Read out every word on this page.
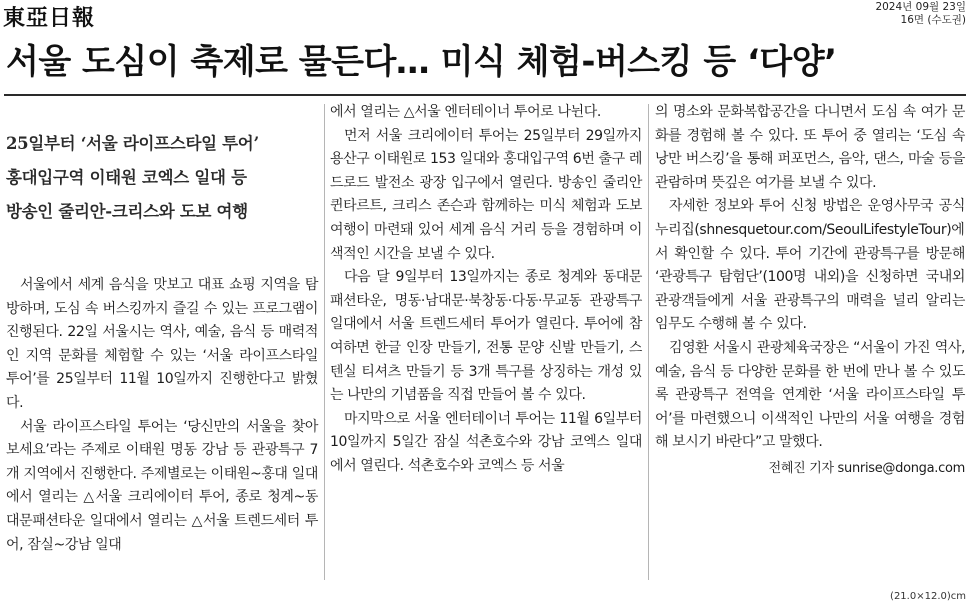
東亞日報	2024년 09월 23일
16면 (수도권)
서울 도심이 축제로 물든다… 미식 체험-버스킹 등 ‘다양’
25일부터 ‘서울 라이프스타일 투어’
홍대입구역 이태원 코엑스 일대 등
방송인 줄리안-크리스와 도보 여행

서울에서 세계 음식을 맛보고 대표 쇼핑 지역을 탐방하며, 도심 속 버스킹까지 즐길 수 있는 프로그램이 진행된다. 22일 서울시는 역사, 예술, 음식 등 매력적인 지역 문화를 체험할 수 있는 ‘서울 라이프스타일 투어’를 25일부터 11월 10일까지 진행한다고 밝혔다.

서울 라이프스타일 투어는 ‘당신만의 서울을 찾아보세요’라는 주제로 이태원 명동 강남 등 관광특구 7개 지역에서 진행한다. 주제별로는 이태원~홍대 일대에서 열리는 △서울 크리에이터 투어, 종로 청계~동대문패션타운 일대에서 열리는 △서울 트렌드세터 투어, 잠실~강남 일대

에서 열리는 △서울 엔터테이너 투어로 나뉜다.

먼저 서울 크리에이터 투어는 25일부터 29일까지 용산구 이태원로 153 일대와 홍대입구역 6번 출구 레드로드 발전소 광장 입구에서 열린다. 방송인 줄리안 퀸타르트, 크리스 존슨과 함께하는 미식 체험과 도보 여행이 마련돼 있어 세계 음식 거리 등을 경험하며 이색적인 시간을 보낼 수 있다.

다음 달 9일부터 13일까지는 종로 청계와 동대문패션타운, 명동·남대문·북창동·다동·무교동 관광특구 일대에서 서울 트렌드세터 투어가 열린다. 투어에 참여하면 한글 인장 만들기, 전통 문양 신발 만들기, 스텐실 티셔츠 만들기 등 3개 특구를 상징하는 개성 있는 나만의 기념품을 직접 만들어 볼 수 있다.

마지막으로 서울 엔터테이너 투어는 11월 6일부터 10일까지 5일간 잠실 석촌호수와 강남 코엑스 일대에서 열린다. 석촌호수와 코엑스 등 서울

의 명소와 문화복합공간을 다니면서 도심 속 여가 문화를 경험해 볼 수 있다. 또 투어 중 열리는 ‘도심 속 낭만 버스킹’을 통해 퍼포먼스, 음악, 댄스, 마술 등을 관람하며 뜻깊은 여가를 보낼 수 있다.

자세한 정보와 투어 신청 방법은 운영사무국 공식 누리집(shnesquetour.com/SeoulLifestyleTour)에서 확인할 수 있다. 투어 기간에 관광특구를 방문해 ‘관광특구 탐험단’(100명 내외)을 신청하면 국내외 관광객들에게 서울 관광특구의 매력을 널리 알리는 임무도 수행해 볼 수 있다.

김영환 서울시 관광체육국장은 “서울이 가진 역사, 예술, 음식 등 다양한 문화를 한 번에 만나 볼 수 있도록 관광특구 전역을 연계한 ‘서울 라이프스타일 투어’를 마련했으니 이색적인 나만의 서울 여행을 경험해 보시기 바란다”고 말했다.

전혜진 기자 sunrise@donga.com
(21.0×12.0)cm
